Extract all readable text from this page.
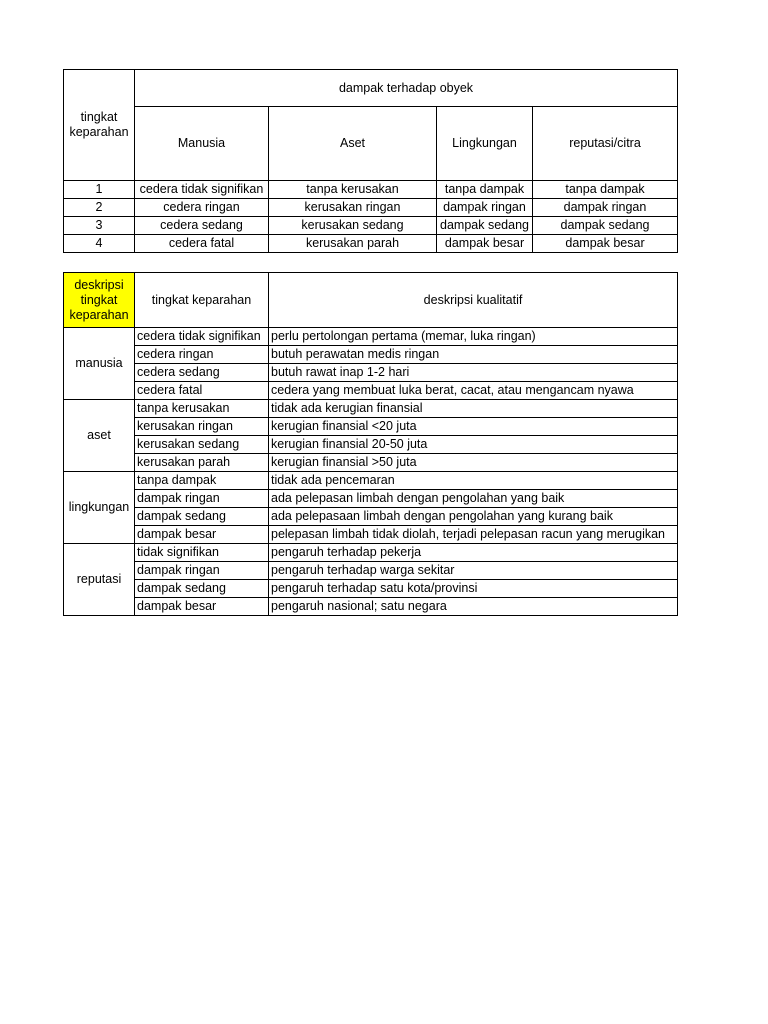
tingkat keparahan	dampak terhadap obyek			
	Manusia	Aset	Lingkungan	reputasi/citra
1	cedera tidak signifikan	tanpa kerusakan	tanpa dampak	tanpa dampak
2	cedera ringan	kerusakan ringan	dampak ringan	dampak ringan
3	cedera sedang	kerusakan sedang	dampak sedang	dampak sedang
4	cedera fatal	kerusakan parah	dampak besar	dampak besar
deskripsi tingkat keparahan	tingkat keparahan	deskripsi kualitatif
manusia	cedera tidak signifikan	perlu pertolongan pertama (memar, luka ringan)
	cedera ringan	butuh perawatan medis ringan
	cedera sedang	butuh rawat inap 1-2 hari
	cedera fatal	cedera yang membuat luka berat, cacat, atau mengancam nyawa
aset	tanpa kerusakan	tidak ada kerugian finansial
	kerusakan ringan	kerugian finansial <20 juta
	kerusakan sedang	kerugian finansial 20-50 juta
	kerusakan parah	kerugian finansial >50 juta
lingkungan	tanpa dampak	tidak ada pencemaran
	dampak ringan	ada pelepasan limbah dengan pengolahan yang baik
	dampak sedang	ada pelepasaan limbah dengan pengolahan yang kurang baik
	dampak besar	pelepasan limbah tidak diolah, terjadi pelepasan racun yang merugikan
reputasi	tidak signifikan	pengaruh terhadap pekerja
	dampak ringan	pengaruh terhadap warga sekitar
	dampak sedang	pengaruh terhadap satu kota/provinsi
	dampak besar	pengaruh nasional; satu negara
